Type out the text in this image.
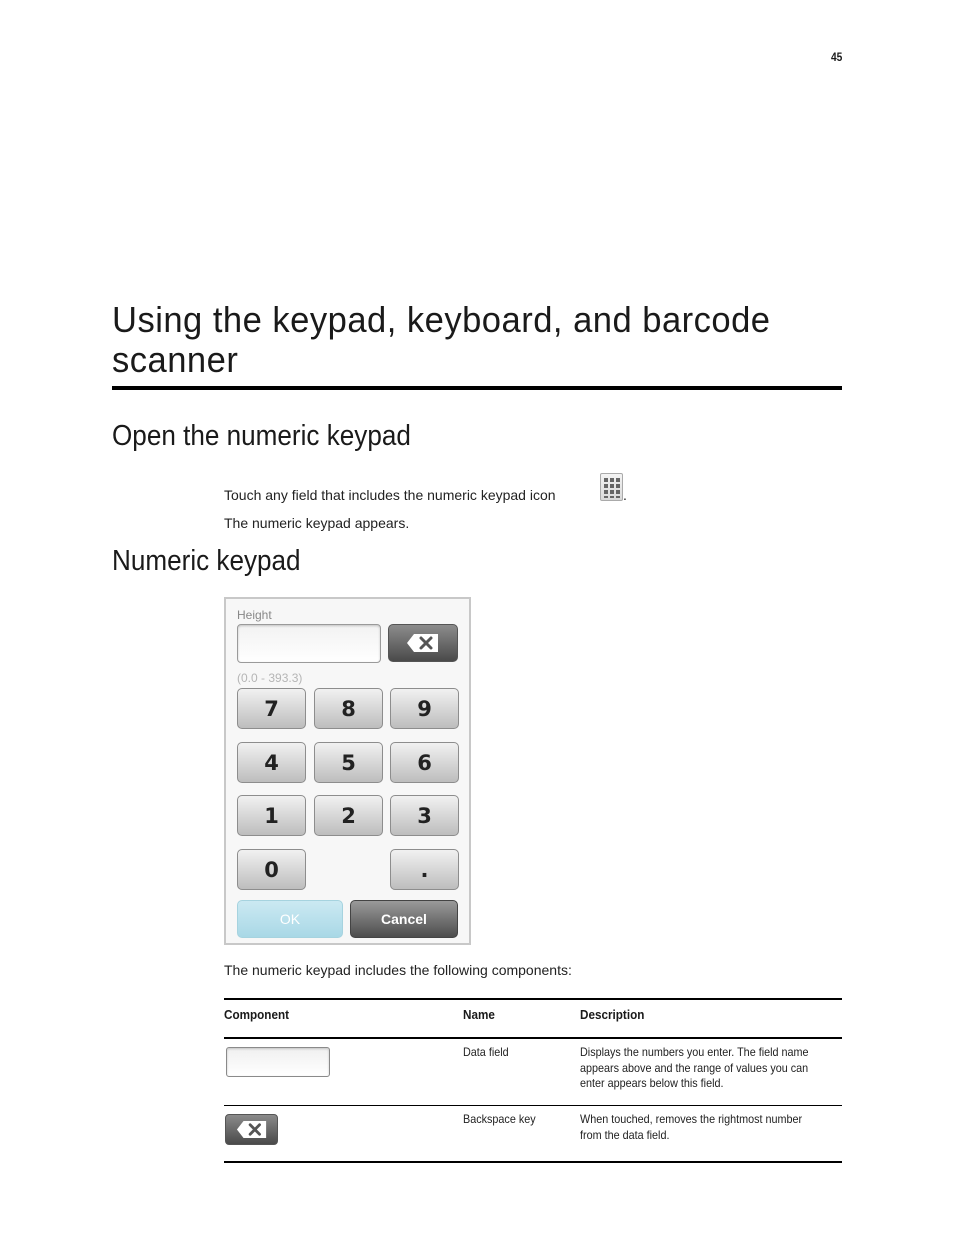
45
Using the keypad, keyboard, and barcode scanner
Open the numeric keypad
Touch any field that includes the numeric keypad icon	.
The numeric keypad appears.
Numeric keypad
Height
(0.0 - 393.3)
7	8	9
4	5	6
1	2	3
0	.
OK	Cancel
The numeric keypad includes the following components:
Component	Name	Description
Data field	Displays the numbers you enter. The field name appears above and the range of values you can enter appears below this field.
Backspace key	When touched, removes the rightmost number from the data field.
